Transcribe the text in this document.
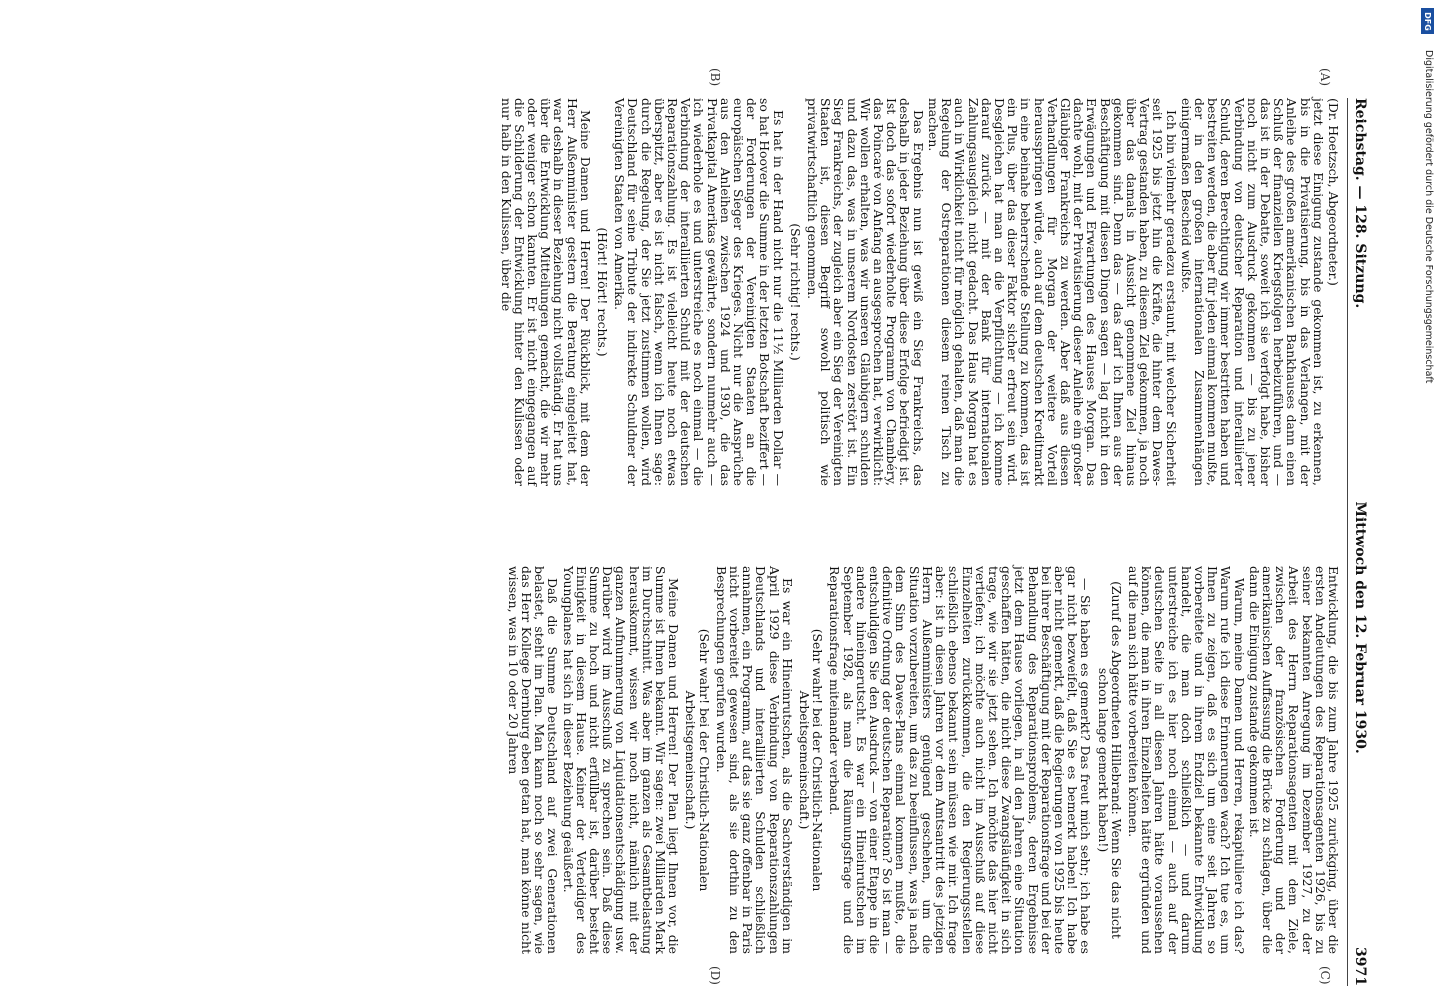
Reichstag. — 128. Sitzung.
Mittwoch den 12. Februar 1930.
3971
(A)
(B)
(C)
(D)

(Dr. Hoetzsch, Abgeordneter.)

jetzt diese Einigung zustande gekommen ist, zu erkennen, bis in die Privatisierung, bis in das Verlangen, mit der Anleihe des großen amerikanischen Bankhauses dann einen Schluß der finanziellen Kriegsfolgen herbeizuführen, und — das ist in der Debatte, soweit ich sie verfolgt habe, bisher noch nicht zum Ausdruck gekommen — bis zu jener Verbindung von deutscher Reparation und interalliierter Schuld, deren Berechtigung wir immer bestritten haben und bestreiten werden, die aber für jeden einmal kommen mußte, der in den großen internationalen Zusammenhängen einigermaßen Bescheid wußte.

Ich bin vielmehr geradezu erstaunt, mit welcher Sicherheit seit 1925 bis jetzt hin die Kräfte, die hinter dem Dawes-Vertrag gestanden haben, zu diesem Ziel gekommen, ja noch über das damals in Aussicht genommene Ziel hinaus gekommen sind. Denn das — das darf ich Ihnen aus der Beschäftigung mit diesen Dingen sagen — lag nicht in den Erwägungen und Erwartungen des Hauses Morgan. Das dachte wohl, mit der Privatisierung dieser Anleihe ein großer Gläubiger Frankreichs zu werden. Aber daß aus diesen Verhandlungen für Morgan der weitere Vorteil herausspringen würde, auch auf dem deutschen Kreditmarkt in eine beinahe beherrschende Stellung zu kommen, das ist ein Plus, über das dieser Faktor sicher erfreut sein wird. Desgleichen hat man an die Verpflichtung — ich komme darauf zurück — mit der Bank für internationalen Zahlungsausgleich nicht gedacht. Das Haus Morgan hat es auch in Wirklichkeit nicht für möglich gehalten, daß man die Regelung der Ostreparationen diesem reinen Tisch zu machen.

Das Ergebnis nun ist gewiß ein Sieg Frankreichs, das deshalb in jeder Beziehung über diese Erfolge befriedigt ist. Ist doch das sofort wiederholte Programm von Chambéry, das Poincaré von Anfang an ausgesprochen hat, verwirklicht: Wir wollen erhalten, was wir unseren Gläubigern schulden und dazu das, was in unserem Nordosten zerstört ist. Ein Sieg Frankreichs, der zugleich aber ein Sieg der Vereinigten Staaten ist, diesen Begriff sowohl politisch wie privatwirtschaftlich genommen.

(Sehr richtig! rechts.)

Es hat in der Hand nicht nur die 11½ Milliarden Dollar — so hat Hoover die Summe in der letzten Botschaft beziffert — der Forderungen der Vereinigten Staaten an die europäischen Sieger des Krieges. Nicht nur die Ansprüche aus den Anleihen zwischen 1924 und 1930, die das Privatkapital Amerikas gewährte, sondern nunmehr auch — ich wiederhole es und unterstreiche es noch einmal — die Verbindung der interalliierten Schuld mit der deutschen Reparationszahlung. Es ist vielleicht heute noch etwas überspitzt, aber es ist nicht falsch, wenn ich Ihnen sage: durch die Regelung, der Sie jetzt zustimmen wollen, wird Deutschland für seine Tribute der indirekte Schuldner der Vereinigten Staaten von Amerika.

(Hört! Hört! rechts.)

Meine Damen und Herren! Der Rückblick, mit dem der Herr Außenminister gestern die Beratung eingeleitet hat, war deshalb in dieser Beziehung nicht vollständig. Er hat uns über die Entwicklung Mitteilungen gemacht, die wir mehr oder weniger schon kannten. Er ist nicht eingegangen auf die Schilderung der Entwicklung hinter den Kulissen oder nur halb in den Kulissen, über die

Entwicklung, die bis zum Jahre 1925 zurückging, über die ersten Andeutungen des Reparationsagenten 1926, bis zu seiner bekannten Anregung im Dezember 1927, zu der Arbeit des Herrn Reparationsagenten mit dem Ziele, zwischen der französischen Forderung und der amerikanischen Auffassung die Brücke zu schlagen, über die dann die Einigung zustande gekommen ist.

Warum, meine Damen und Herren, rekapituliere ich das? Warum rufe ich diese Erinnerungen wach? Ich tue es, um Ihnen zu zeigen, daß es sich um eine seit Jahren so vorbereitete und in ihrem Endziel bekannte Entwicklung handelt, die man doch schließlich — und darum unterstreiche ich es hier noch einmal — auch auf der deutschen Seite in all diesen Jahren hätte voraussehen können, die man in ihren Einzelheiten hätte ergründen und auf die man sich hätte vorbereiten können.

(Zuruf des Abgeordneten Hillebrand: Wenn Sie das nicht schon lange gemerkt haben!)

— Sie haben es gemerkt? Das freut mich sehr; ich habe es gar nicht bezweifelt, daß Sie es bemerkt haben! Ich habe aber nicht gemerkt, daß die Regierungen von 1925 bis heute bei ihrer Beschäftigung mit der Reparationsfrage und bei der Behandlung des Reparationsproblems, deren Ergebnisse jetzt dem Hause vorliegen, in all den Jahren eine Situation geschaffen hätten, die nicht diese Zwangsläufigkeit in sich trage, wie wir sie jetzt sehen. Ich möchte das hier nicht vertiefen; ich möchte auch nicht im Ausschuß auf diese Einzelheiten zurückkommen, die den Regierungsstellen schließlich ebenso bekannt sein müssen wie mir. Ich frage aber: ist in diesen Jahren vor dem Amtsantritt des jetzigen Herrn Außenministers genügend geschehen, um die Situation vorzubereiten, um das zu beeinflussen, was ja nach dem Sinn des Dawes-Plans einmal kommen mußte, die definitive Ordnung der deutschen Reparation? So ist man — entschuldigen Sie den Ausdruck — von einer Etappe in die andere hineingerutscht. Es war ein Hineinrutschen im September 1928, als man die Räumungsfrage und die Reparationsfrage miteinander verband.

(Sehr wahr! bei der Christlich-Nationalen Arbeitsgemeinschaft.)

Es war ein Hineinrutschen, als die Sachverständigen im April 1929 diese Verbindung von Reparationszahlungen Deutschlands und interalliierten Schulden schließlich annahmen, ein Programm, auf das sie ganz offenbar in Paris nicht vorbereitet gewesen sind, als sie dorthin zu den Besprechungen gerufen wurden.

(Sehr wahr! bei der Christlich-Nationalen Arbeitsgemeinschaft.)

Meine Damen und Herren! Der Plan liegt Ihnen vor, die Summe ist Ihnen bekannt. Wir sagen: zwei Milliarden Mark im Durchschnitt. Was aber im ganzen als Gesamtbelastung herauskommt, wissen wir noch nicht, nämlich mit der ganzen Aufnummerung von Liquidationsentschädigung usw. Darüber wird im Ausschuß zu sprechen sein. Daß diese Summe zu hoch und nicht erfüllbar ist, darüber besteht Einigkeit in diesem Hause. Keiner der Verteidiger des Youngplanes hat sich in dieser Beziehung geäußert.

Daß die Summe Deutschland auf zwei Generationen belastet, steht im Plan. Man kann noch so sehr sagen, wie das Herr Kollege Dernburg eben getan hat, man könne nicht wissen, was in 10 oder 20 Jahren

DFG
Digitalisierung gefördert durch die Deutsche Forschungsgemeinschaft
